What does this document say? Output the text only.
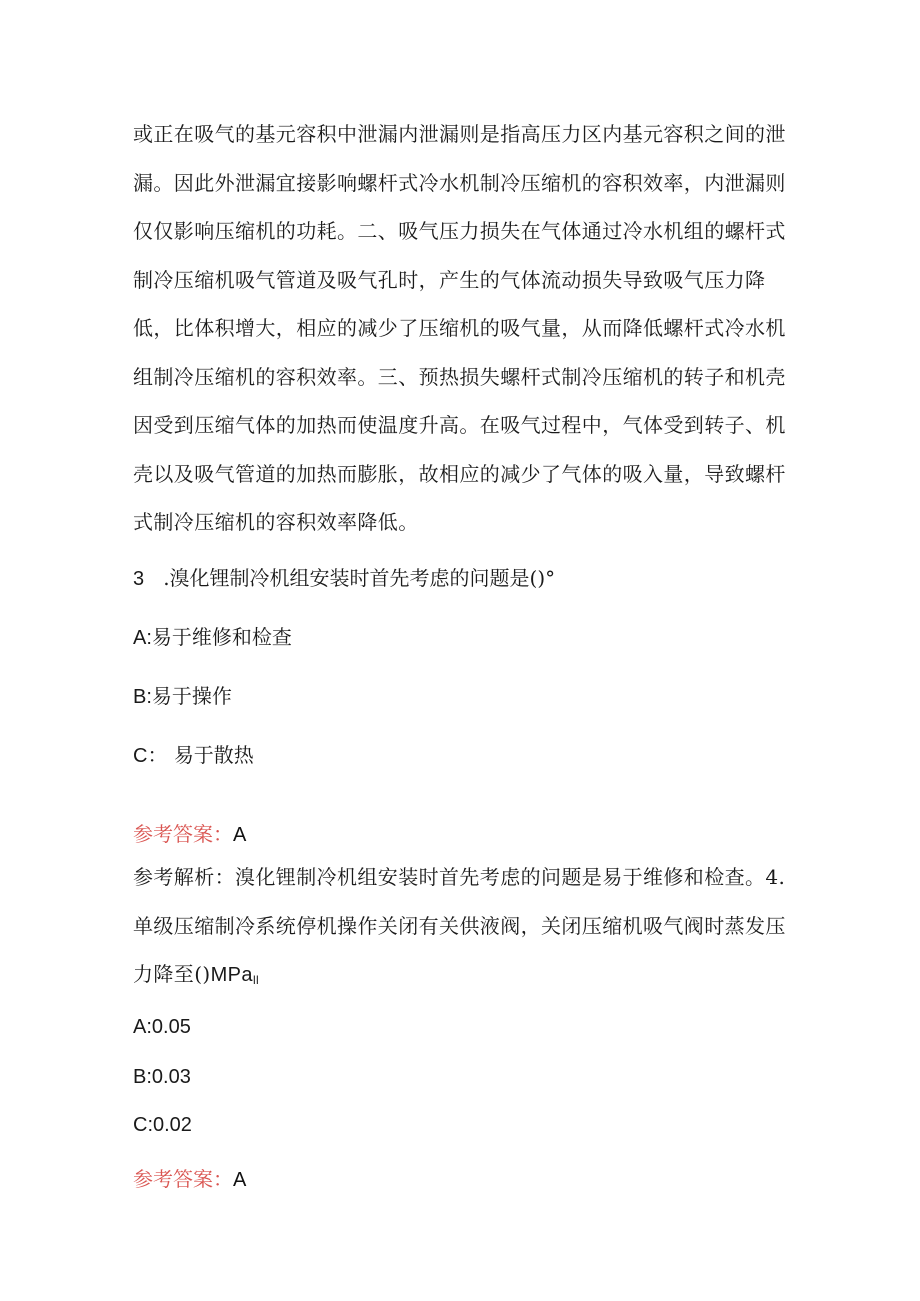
或正在吸气的基元容积中泄漏内泄漏则是指高压力区内基元容积之间的泄漏。因此外泄漏宜接影响螺杆式冷水机制冷压缩机的容积效率，内泄漏则仅仅影响压缩机的功耗。二、吸气压力损失在气体通过冷水机组的螺杆式制冷压缩机吸气管道及吸气孔时，产生的气体流动损失导致吸气压力降低，比体积增大，相应的减少了压缩机的吸气量，从而降低螺杆式冷水机组制冷压缩机的容积效率。三、预热损失螺杆式制冷压缩机的转子和机壳因受到压缩气体的加热而使温度升高。在吸气过程中，气体受到转子、机壳以及吸气管道的加热而膨胀，故相应的减少了气体的吸入量，导致螺杆式制冷压缩机的容积效率降低。
3 .溴化锂制冷机组安装时首先考虑的问题是()°
A:易于维修和检查
B:易于操作
C： 易于散热
参考答案：A
参考解析：溴化锂制冷机组安装时首先考虑的问题是易于维修和检查。4.单级压缩制冷系统停机操作关闭有关供液阀，关闭压缩机吸气阀时蒸发压力降至()MPa$_{ll}$
A:0.05
B:0.03
C:0.02
参考答案：A
